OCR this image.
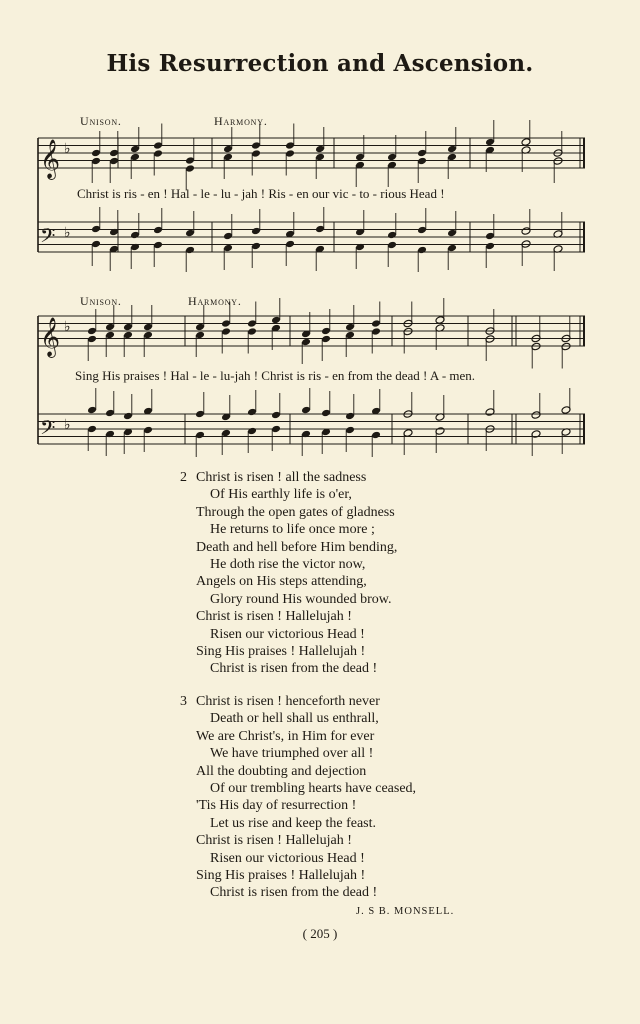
His Resurrection and Ascension.
𝄞
𝄢
𝄞
𝄢
♭
♭
♭
♭
Unison.	Harmony.
Christ is ris - en ! Hal - le - lu - jah ! Ris - en our vic - to - rious Head !
Unison.	Harmony.
Sing His praises ! Hal - le - lu-jah ! Christ is ris - en from the dead ! A - men.
2 Christ is risen ! all the sadness
Of His earthly life is o'er,
Through the open gates of gladness
He returns to life once more ;
Death and hell before Him bending,
He doth rise the victor now,
Angels on His steps attending,
Glory round His wounded brow.
Christ is risen ! Hallelujah !
Risen our victorious Head !
Sing His praises ! Hallelujah !
Christ is risen from the dead !
3 Christ is risen ! henceforth never
Death or hell shall us enthrall,
We are Christ's, in Him for ever
We have triumphed over all !
All the doubting and dejection
Of our trembling hearts have ceased,
'Tis His day of resurrection !
Let us rise and keep the feast.
Christ is risen ! Hallelujah !
Risen our victorious Head !
Sing His praises ! Hallelujah !
Christ is risen from the dead !
J. S B. MONSELL.
( 205 )
